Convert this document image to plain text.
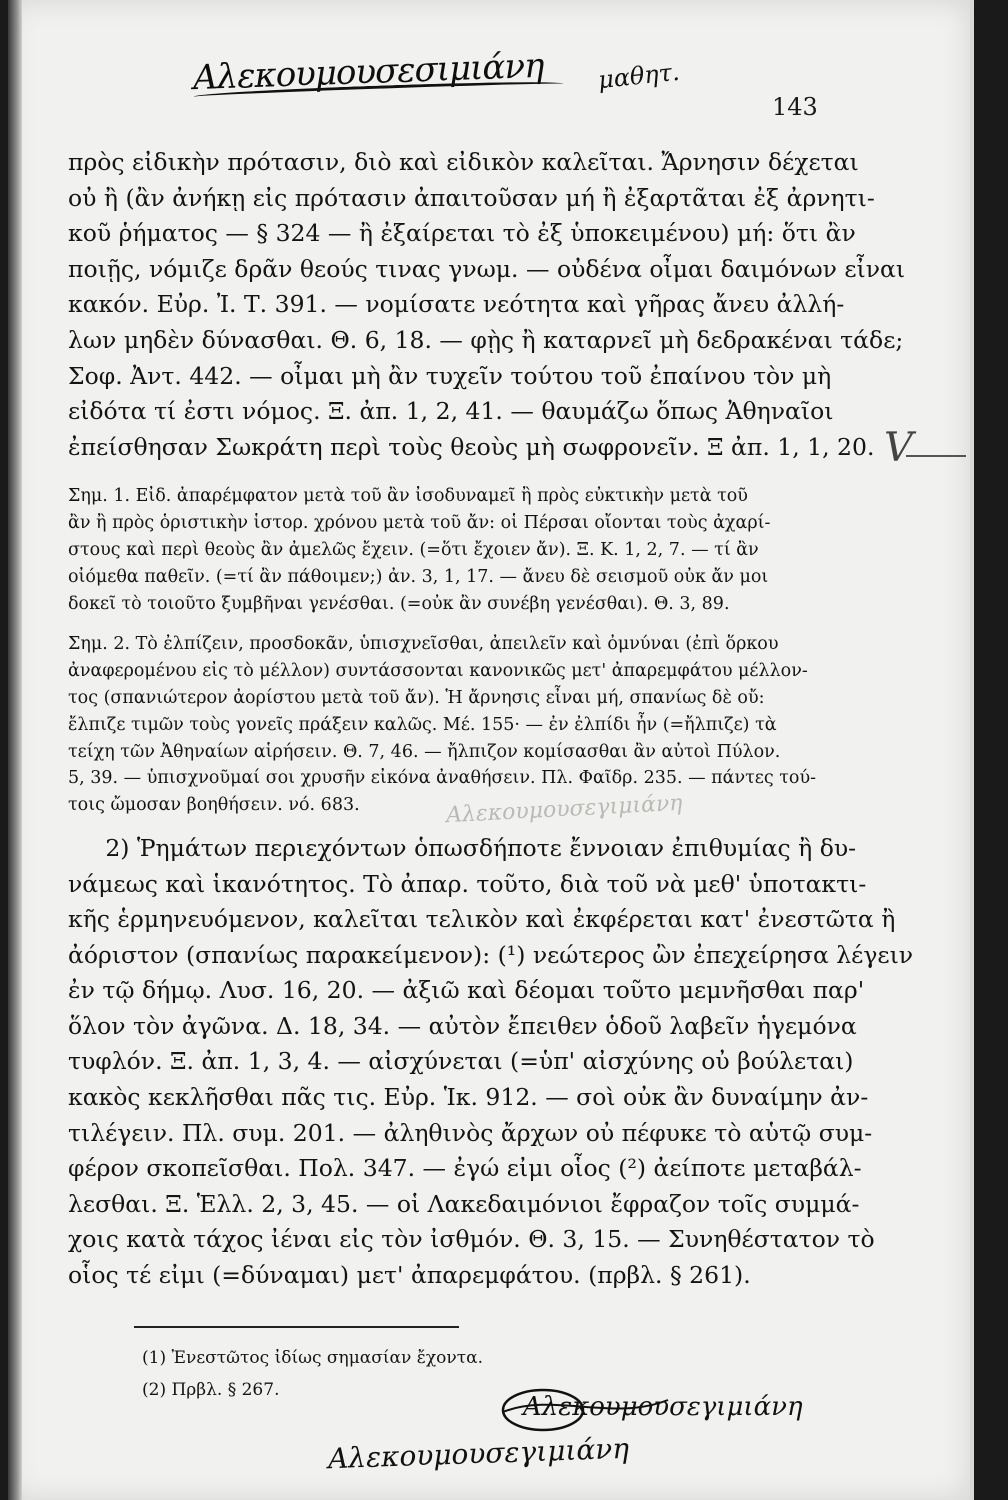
Αλεκουμουσεσιμιάνη μαθητ.
143
V
πρὸς εἰδικὴν πρότασιν, διὸ καὶ εἰδικὸν καλεῖται. Ἄρνησιν δέχεται
οὐ ἢ (ἂν ἀνήκῃ εἰς πρότασιν ἀπαιτοῦσαν μή ἢ ἐξαρτᾶται ἐξ ἀρνητι-
κοῦ ῥήματος — § 324 — ἢ ἐξαίρεται τὸ ἐξ ὑποκειμένου) μή: ὅτι ἂν
ποιῇς, νόμιζε δρᾶν θεούς τινας γνωμ. — οὐδένα οἶμαι δαιμόνων εἶναι
κακόν. Εὐρ. Ἰ. Τ. 391. — νομίσατε νεότητα καὶ γῆρας ἄνευ ἀλλή-
λων μηδὲν δύνασθαι. Θ. 6, 18. — φῂς ἢ καταρνεῖ μὴ δεδρακέναι τάδε;
Σοφ. Ἀντ. 442. — οἶμαι μὴ ἂν τυχεῖν τούτου τοῦ ἐπαίνου τὸν μὴ
εἰδότα τί ἐστι νόμος. Ξ. ἀπ. 1, 2, 41. — θαυμάζω ὅπως Ἀθηναῖοι
ἐπείσθησαν Σωκράτη περὶ τοὺς θεοὺς μὴ σωφρονεῖν. Ξ ἀπ. 1, 1, 20.
Σημ. 1. Εἰδ. ἀπαρέμφατον μετὰ τοῦ ἂν ἰσοδυναμεῖ ἢ πρὸς εὐκτικὴν μετὰ τοῦ
ἂν ἢ πρὸς ὁριστικὴν ἱστορ. χρόνου μετὰ τοῦ ἄν: οἱ Πέρσαι οἴονται τοὺς ἀχαρί-
στους καὶ περὶ θεοὺς ἂν ἀμελῶς ἔχειν. (=ὅτι ἔχοιεν ἄν). Ξ. Κ. 1, 2, 7. — τί ἂν
οἰόμεθα παθεῖν. (=τί ἂν πάθοιμεν;) ἀν. 3, 1, 17. — ἄνευ δὲ σεισμοῦ οὐκ ἄν μοι
δοκεῖ τὸ τοιοῦτο ξυμβῆναι γενέσθαι. (=οὐκ ἂν συνέβη γενέσθαι). Θ. 3, 89.
Σημ. 2. Τὸ ἐλπίζειν, προσδοκᾶν, ὑπισχνεῖσθαι, ἀπειλεῖν καὶ ὀμνύναι (ἐπὶ ὅρκου
ἀναφερομένου εἰς τὸ μέλλον) συντάσσονται κανονικῶς μετ' ἀπαρεμφάτου μέλλον-
τος (σπανιώτερον ἀορίστου μετὰ τοῦ ἄν). Ἡ ἄρνησις εἶναι μή, σπανίως δὲ οὔ:
ἔλπιζε τιμῶν τοὺς γονεῖς πράξειν καλῶς. Μέ. 155· — ἐν ἐλπίδι ἦν (=ἤλπιζε) τὰ
τείχη τῶν Ἀθηναίων αἱρήσειν. Θ. 7, 46. — ἤλπιζον κομίσασθαι ἂν αὐτοὶ Πύλον.
5, 39. — ὑπισχνοῦμαί σοι χρυσῆν εἰκόνα ἀναθήσειν. Πλ. Φαῖδρ. 235. — πάντες τού-
τοις ὤμοσαν βοηθήσειν. νό. 683.
2) Ῥημάτων περιεχόντων ὁπωσδήποτε ἔννοιαν ἐπιθυμίας ἢ δυ-
νάμεως καὶ ἱκανότητος. Τὸ ἀπαρ. τοῦτο, διὰ τοῦ νὰ μεθ' ὑποτακτι-
κῆς ἑρμηνευόμενον, καλεῖται τελικὸν καὶ ἐκφέρεται κατ' ἐνεστῶτα ἢ
ἀόριστον (σπανίως παρακείμενον): (¹) νεώτερος ὢν ἐπεχείρησα λέγειν
ἐν τῷ δήμῳ. Λυσ. 16, 20. — ἀξιῶ καὶ δέομαι τοῦτο μεμνῆσθαι παρ'
ὅλον τὸν ἀγῶνα. Δ. 18, 34. — αὐτὸν ἔπειθεν ὁδοῦ λαβεῖν ἡγεμόνα
τυφλόν. Ξ. ἀπ. 1, 3, 4. — αἰσχύνεται (=ὑπ' αἰσχύνης οὐ βούλεται)
κακὸς κεκλῆσθαι πᾶς τις. Εὐρ. Ἱκ. 912. — σοὶ οὐκ ἂν δυναίμην ἀν-
τιλέγειν. Πλ. συμ. 201. — ἀληθινὸς ἄρχων οὐ πέφυκε τὸ αὑτῷ συμ-
φέρον σκοπεῖσθαι. Πολ. 347. — ἐγώ εἰμι οἷος (²) ἀείποτε μεταβάλ-
λεσθαι. Ξ. Ἑλλ. 2, 3, 45. — οἱ Λακεδαιμόνιοι ἔφραζον τοῖς συμμά-
χοις κατὰ τάχος ἰέναι εἰς τὸν ἰσθμόν. Θ. 3, 15. — Συνηθέστατον τὸ
οἷος τέ εἰμι (=δύναμαι) μετ' ἀπαρεμφάτου. (πρβλ. § 261).
Αλεκουμουσεγιμιάνη
(1) Ἐνεστῶτος ἰδίως σημασίαν ἔχοντα.
(2) Πρβλ. § 267.
Αλεκουμουσεγιμιάνη
Αλεκουμουσεγιμιάνη
